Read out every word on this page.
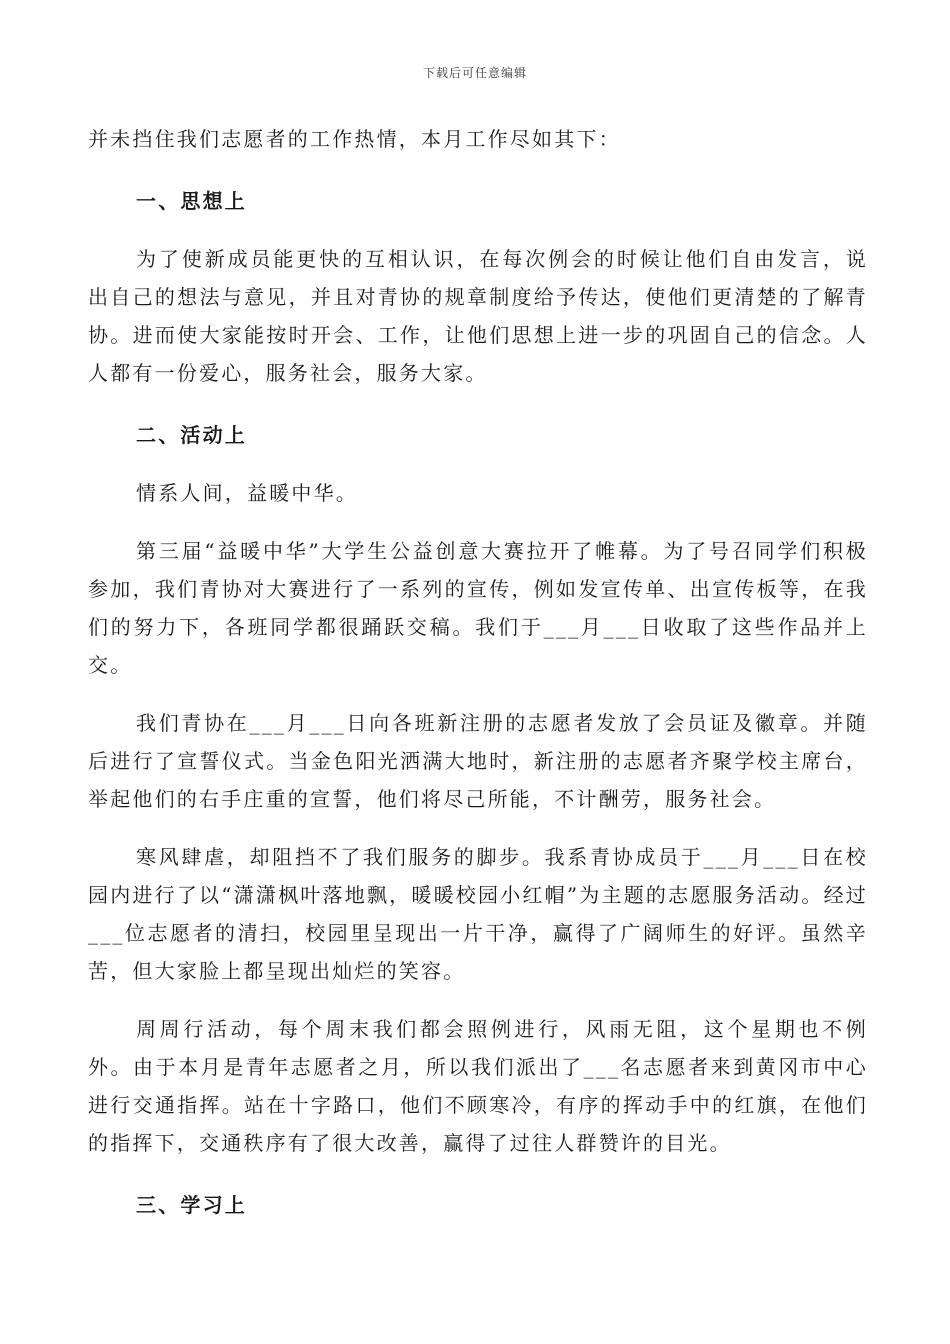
下载后可任意编辑

并未挡住我们志愿者的工作热情，本月工作尽如其下：

一、思想上

为了使新成员能更快的互相认识，在每次例会的时候让他们自由发言，说出自己的想法与意见，并且对青协的规章制度给予传达，使他们更清楚的了解青协。进而使大家能按时开会、工作，让他们思想上进一步的巩固自己的信念。人人都有一份爱心，服务社会，服务大家。

二、活动上

情系人间，益暖中华。

第三届“益暖中华”大学生公益创意大赛拉开了帷幕。为了号召同学们积极参加，我们青协对大赛进行了一系列的宣传，例如发宣传单、出宣传板等，在我们的努力下，各班同学都很踊跃交稿。我们于___月___日收取了这些作品并上交。

我们青协在___月___日向各班新注册的志愿者发放了会员证及徽章。并随后进行了宣誓仪式。当金色阳光洒满大地时，新注册的志愿者齐聚学校主席台，举起他们的右手庄重的宣誓，他们将尽己所能，不计酬劳，服务社会。

寒风肆虐，却阻挡不了我们服务的脚步。我系青协成员于___月___日在校园内进行了以“潇潇枫叶落地飘，暖暖校园小红帽”为主题的志愿服务活动。经过___位志愿者的清扫，校园里呈现出一片干净，赢得了广阔师生的好评。虽然辛苦，但大家脸上都呈现出灿烂的笑容。

周周行活动，每个周末我们都会照例进行，风雨无阻，这个星期也不例外。由于本月是青年志愿者之月，所以我们派出了___名志愿者来到黄冈市中心进行交通指挥。站在十字路口，他们不顾寒冷，有序的挥动手中的红旗，在他们的指挥下，交通秩序有了很大改善，赢得了过往人群赞许的目光。

三、学习上
